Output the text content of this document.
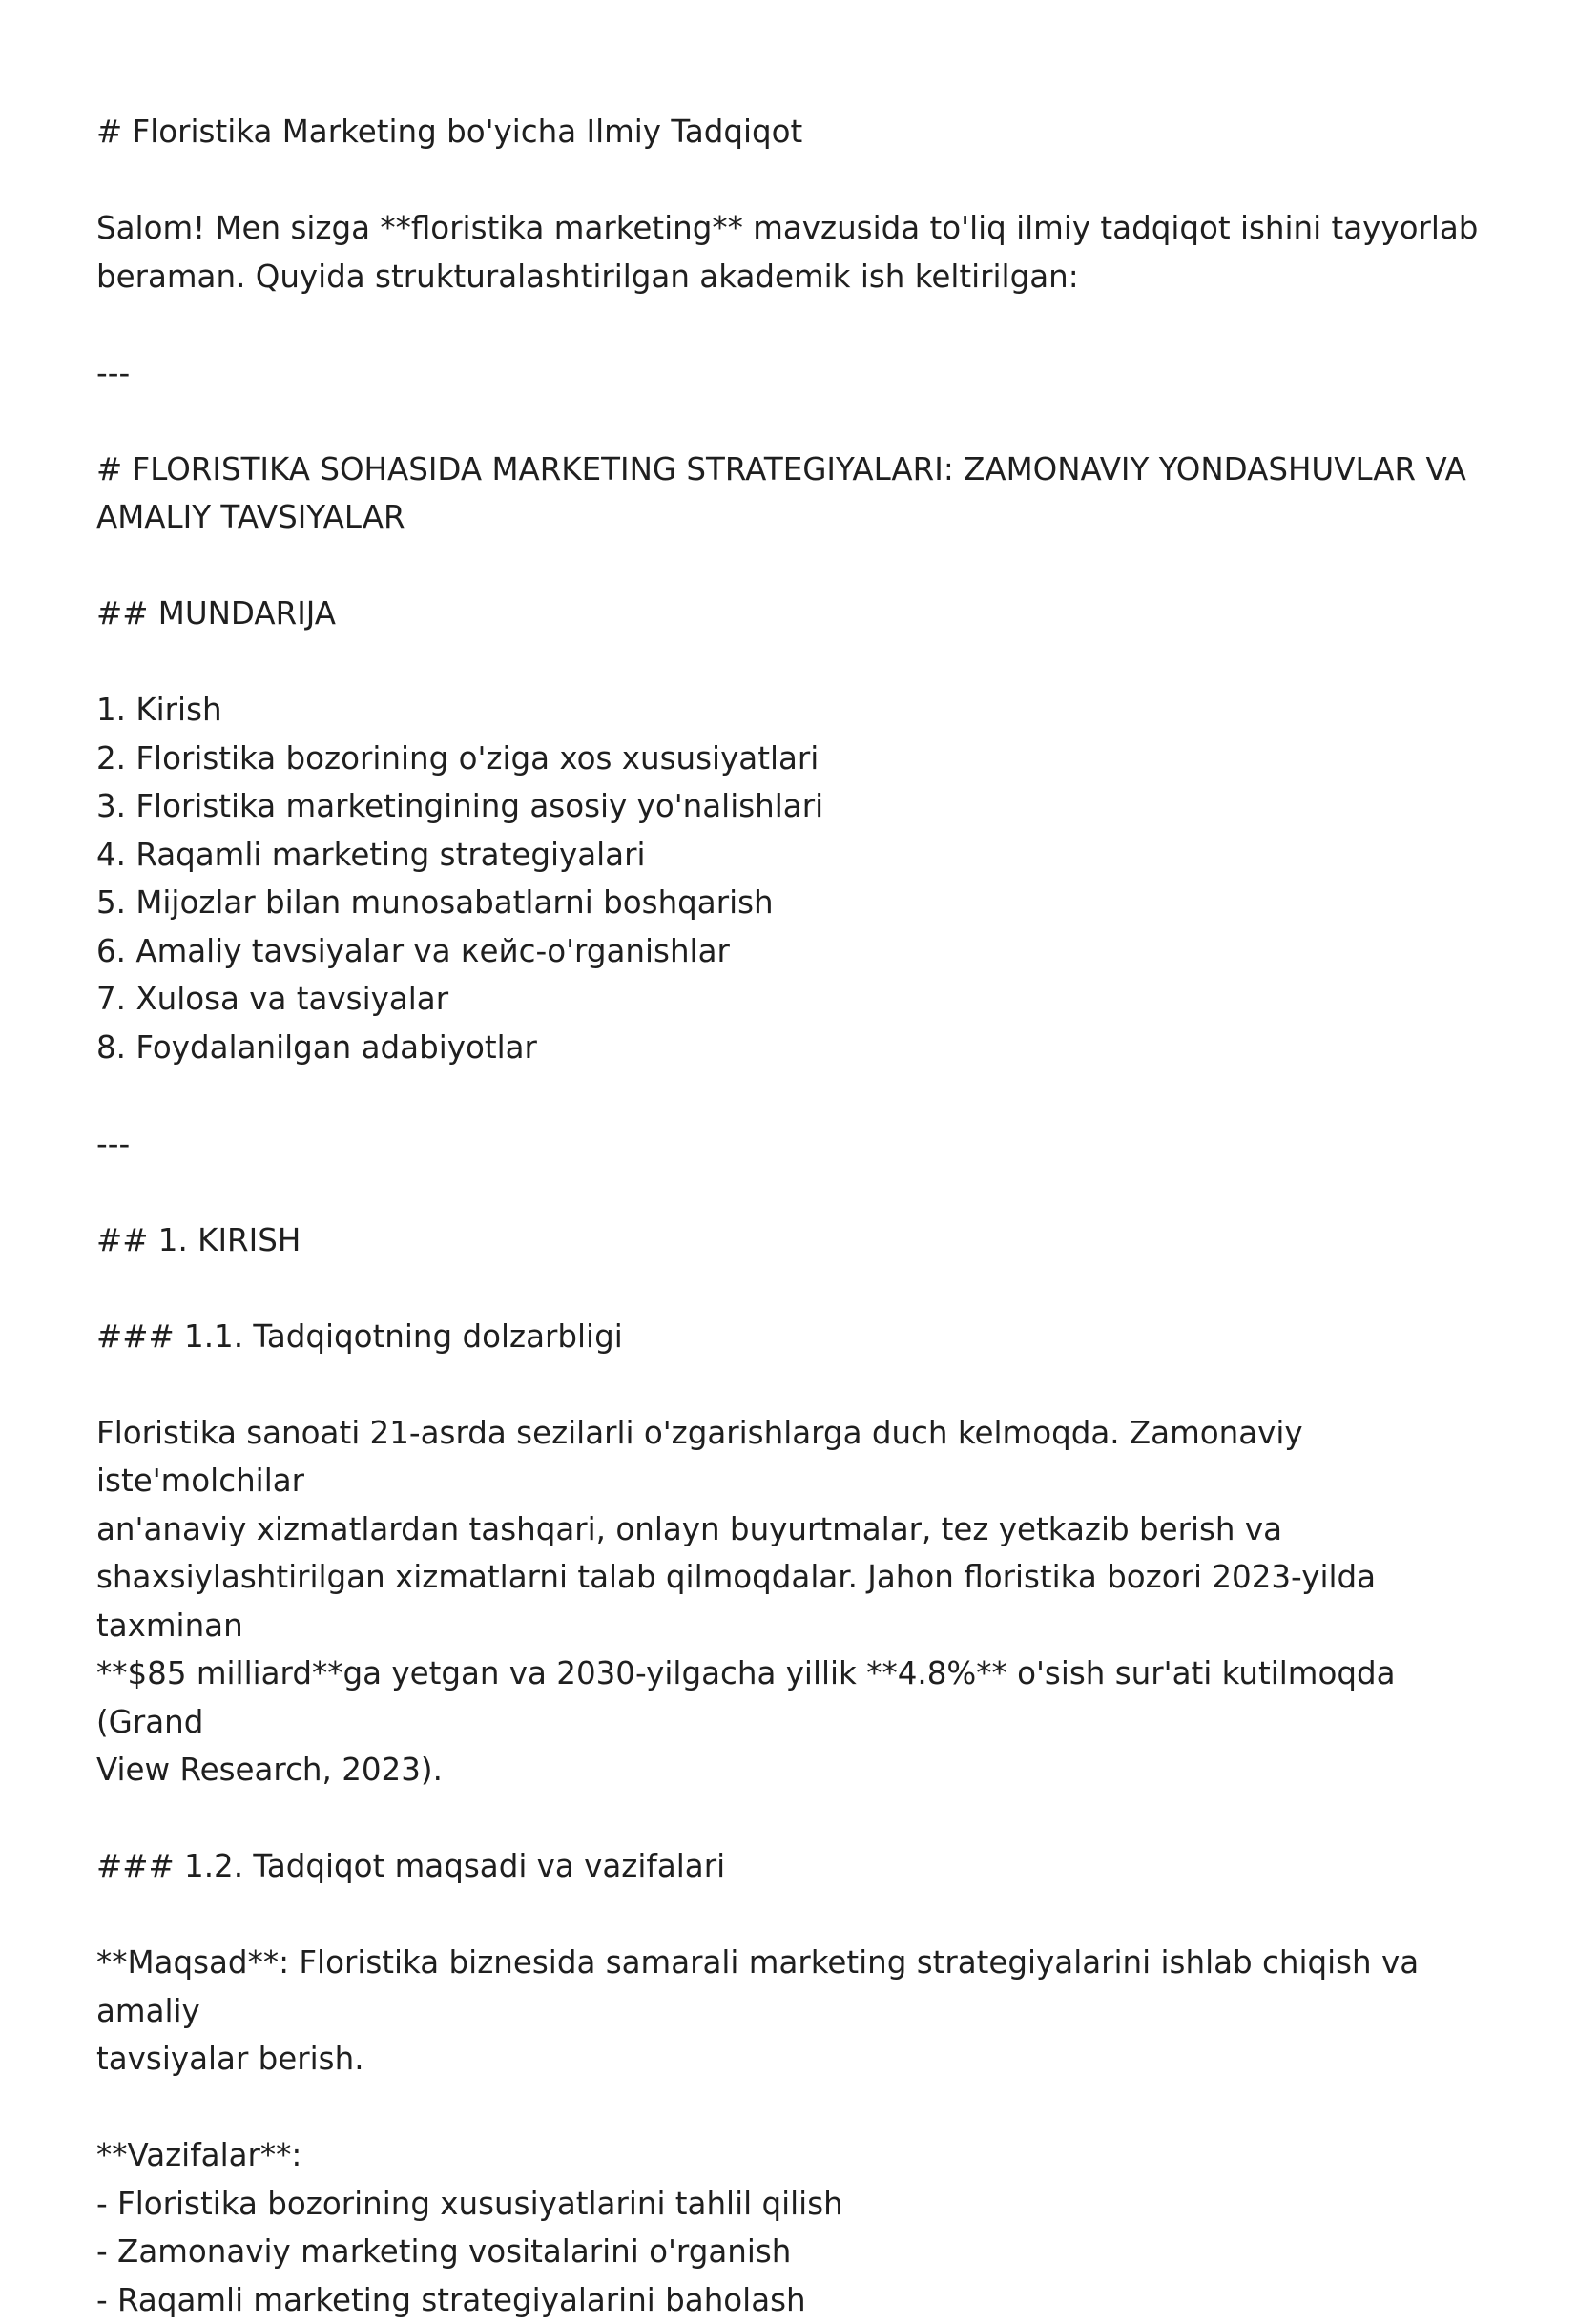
# Floristika Marketing bo'yicha Ilmiy Tadqiqot

Salom! Men sizga **floristika marketing** mavzusida to'liq ilmiy tadqiqot ishini tayyorlab
beraman. Quyida strukturalashtirilgan akademik ish keltirilgan:

---

# FLORISTIKA SOHASIDA MARKETING STRATEGIYALARI: ZAMONAVIY YONDASHUVLAR VA
AMALIY TAVSIYALAR

## MUNDARIJA

1. Kirish
2. Floristika bozorining o'ziga xos xususiyatlari
3. Floristika marketingining asosiy yo'nalishlari
4. Raqamli marketing strategiyalari
5. Mijozlar bilan munosabatlarni boshqarish
6. Amaliy tavsiyalar va кейс-o'rganishlar
7. Xulosa va tavsiyalar
8. Foydalanilgan adabiyotlar

---

## 1. KIRISH

### 1.1. Tadqiqotning dolzarbligi

Floristika sanoati 21-asrda sezilarli o'zgarishlarga duch kelmoqda. Zamonaviy iste'molchilar
an'anaviy xizmatlardan tashqari, onlayn buyurtmalar, tez yetkazib berish va
shaxsiylashtirilgan xizmatlarni talab qilmoqdalar. Jahon floristika bozori 2023-yilda taxminan
**$85 milliard**ga yetgan va 2030-yilgacha yillik **4.8%** o'sish sur'ati kutilmoqda (Grand
View Research, 2023).

### 1.2. Tadqiqot maqsadi va vazifalari

**Maqsad**: Floristika biznesida samarali marketing strategiyalarini ishlab chiqish va amaliy
tavsiyalar berish.

**Vazifalar**:

- Floristika bozorining xususiyatlarini tahlil qilish
- Zamonaviy marketing vositalarini o'rganish
- Raqamli marketing strategiyalarini baholash
